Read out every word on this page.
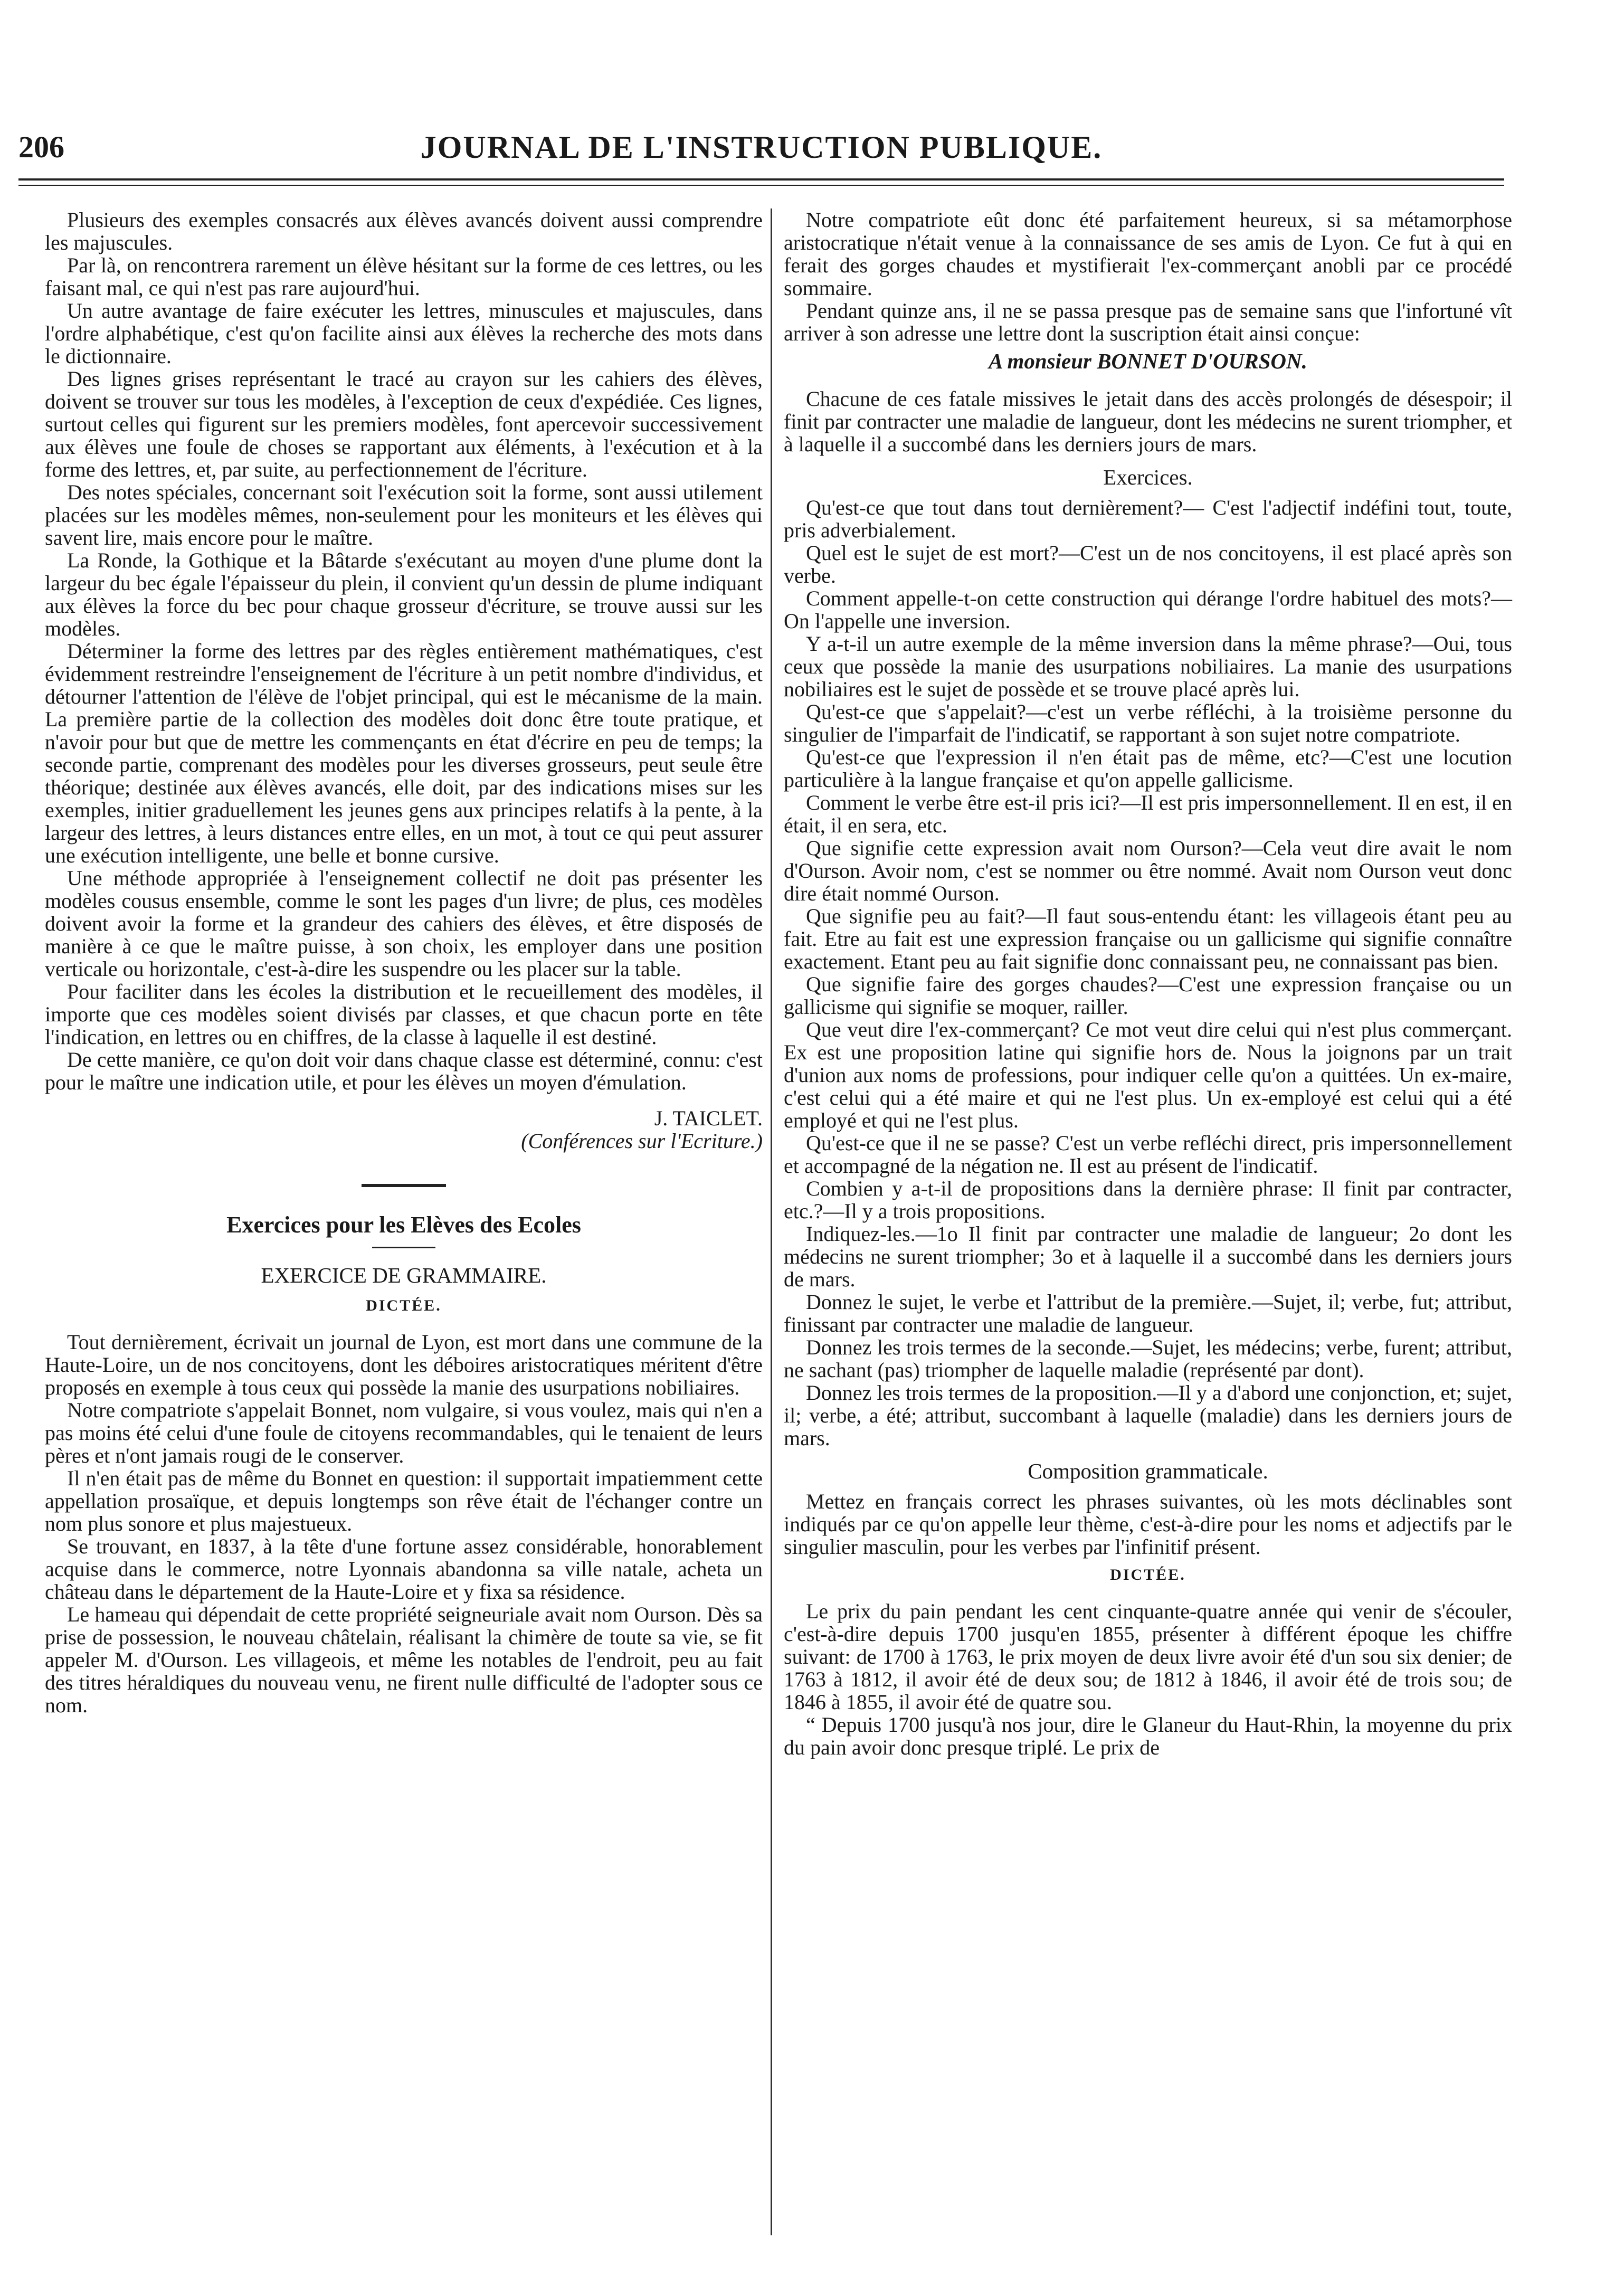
206	JOURNAL DE L'INSTRUCTION PUBLIQUE.

Plusieurs des exemples consacrés aux élèves avancés doivent aussi comprendre les majuscules.

Par là, on rencontrera rarement un élève hésitant sur la forme de ces lettres, ou les faisant mal, ce qui n'est pas rare aujourd'hui.

Un autre avantage de faire exécuter les lettres, minuscules et majuscules, dans l'ordre alphabétique, c'est qu'on facilite ainsi aux élèves la recherche des mots dans le dictionnaire.

Des lignes grises représentant le tracé au crayon sur les cahiers des élèves, doivent se trouver sur tous les modèles, à l'exception de ceux d'expédiée. Ces lignes, surtout celles qui figurent sur les premiers modèles, font apercevoir successivement aux élèves une foule de choses se rapportant aux éléments, à l'exécution et à la forme des lettres, et, par suite, au perfectionnement de l'écriture.

Des notes spéciales, concernant soit l'exécution soit la forme, sont aussi utilement placées sur les modèles mêmes, non-seulement pour les moniteurs et les élèves qui savent lire, mais encore pour le maître.

La Ronde, la Gothique et la Bâtarde s'exécutant au moyen d'une plume dont la largeur du bec égale l'épaisseur du plein, il convient qu'un dessin de plume indiquant aux élèves la force du bec pour chaque grosseur d'écriture, se trouve aussi sur les modèles.

Déterminer la forme des lettres par des règles entièrement mathématiques, c'est évidemment restreindre l'enseignement de l'écriture à un petit nombre d'individus, et détourner l'attention de l'élève de l'objet principal, qui est le mécanisme de la main. La première partie de la collection des modèles doit donc être toute pratique, et n'avoir pour but que de mettre les commençants en état d'écrire en peu de temps; la seconde partie, comprenant des modèles pour les diverses grosseurs, peut seule être théorique; destinée aux élèves avancés, elle doit, par des indications mises sur les exemples, initier graduellement les jeunes gens aux principes relatifs à la pente, à la largeur des lettres, à leurs distances entre elles, en un mot, à tout ce qui peut assurer une exécution intelligente, une belle et bonne cursive.

Une méthode appropriée à l'enseignement collectif ne doit pas présenter les modèles cousus ensemble, comme le sont les pages d'un livre; de plus, ces modèles doivent avoir la forme et la grandeur des cahiers des élèves, et être disposés de manière à ce que le maître puisse, à son choix, les employer dans une position verticale ou horizontale, c'est-à-dire les suspendre ou les placer sur la table.

Pour faciliter dans les écoles la distribution et le recueillement des modèles, il importe que ces modèles soient divisés par classes, et que chacun porte en tête l'indication, en lettres ou en chiffres, de la classe à laquelle il est destiné.

De cette manière, ce qu'on doit voir dans chaque classe est déterminé, connu: c'est pour le maître une indication utile, et pour les élèves un moyen d'émulation.

J. TAICLET.

(Conférences sur l'Ecriture.)

Exercices pour les Elèves des Ecoles

EXERCICE DE GRAMMAIRE.

DICTÉE.

Tout dernièrement, écrivait un journal de Lyon, est mort dans une commune de la Haute-Loire, un de nos concitoyens, dont les déboires aristocratiques méritent d'être proposés en exemple à tous ceux qui possède la manie des usurpations nobiliaires.

Notre compatriote s'appelait Bonnet, nom vulgaire, si vous voulez, mais qui n'en a pas moins été celui d'une foule de citoyens recommandables, qui le tenaient de leurs pères et n'ont jamais rougi de le conserver.

Il n'en était pas de même du Bonnet en question: il supportait impatiemment cette appellation prosaïque, et depuis longtemps son rêve était de l'échanger contre un nom plus sonore et plus majestueux.

Se trouvant, en 1837, à la tête d'une fortune assez considérable, honorablement acquise dans le commerce, notre Lyonnais abandonna sa ville natale, acheta un château dans le département de la Haute-Loire et y fixa sa résidence.

Le hameau qui dépendait de cette propriété seigneuriale avait nom Ourson. Dès sa prise de possession, le nouveau châtelain, réalisant la chimère de toute sa vie, se fit appeler M. d'Ourson. Les villageois, et même les notables de l'endroit, peu au fait des titres héraldiques du nouveau venu, ne firent nulle difficulté de l'adopter sous ce nom.

Notre compatriote eût donc été parfaitement heureux, si sa métamorphose aristocratique n'était venue à la connaissance de ses amis de Lyon. Ce fut à qui en ferait des gorges chaudes et mystifierait l'ex-commerçant anobli par ce procédé sommaire.

Pendant quinze ans, il ne se passa presque pas de semaine sans que l'infortuné vît arriver à son adresse une lettre dont la suscription était ainsi conçue:

A monsieur BONNET D'OURSON.

Chacune de ces fatale missives le jetait dans des accès prolongés de désespoir; il finit par contracter une maladie de langueur, dont les médecins ne surent triompher, et à laquelle il a succombé dans les derniers jours de mars.

Exercices.

Qu'est-ce que tout dans tout dernièrement?— C'est l'adjectif indéfini tout, toute, pris adverbialement.

Quel est le sujet de est mort?—C'est un de nos concitoyens, il est placé après son verbe.

Comment appelle-t-on cette construction qui dérange l'ordre habituel des mots?—On l'appelle une inversion.

Y a-t-il un autre exemple de la même inversion dans la même phrase?—Oui, tous ceux que possède la manie des usurpations nobiliaires. La manie des usurpations nobiliaires est le sujet de possède et se trouve placé après lui.

Qu'est-ce que s'appelait?—c'est un verbe réfléchi, à la troisième personne du singulier de l'imparfait de l'indicatif, se rapportant à son sujet notre compatriote.

Qu'est-ce que l'expression il n'en était pas de même, etc?—C'est une locution particulière à la langue française et qu'on appelle gallicisme.

Comment le verbe être est-il pris ici?—Il est pris impersonnellement. Il en est, il en était, il en sera, etc.

Que signifie cette expression avait nom Ourson?—Cela veut dire avait le nom d'Ourson. Avoir nom, c'est se nommer ou être nommé. Avait nom Ourson veut donc dire était nommé Ourson.

Que signifie peu au fait?—Il faut sous-entendu étant: les villageois étant peu au fait. Etre au fait est une expression française ou un gallicisme qui signifie connaître exactement. Etant peu au fait signifie donc connaissant peu, ne connaissant pas bien.

Que signifie faire des gorges chaudes?—C'est une expression française ou un gallicisme qui signifie se moquer, railler.

Que veut dire l'ex-commerçant? Ce mot veut dire celui qui n'est plus commerçant. Ex est une proposition latine qui signifie hors de. Nous la joignons par un trait d'union aux noms de professions, pour indiquer celle qu'on a quittées. Un ex-maire, c'est celui qui a été maire et qui ne l'est plus. Un ex-employé est celui qui a été employé et qui ne l'est plus.

Qu'est-ce que il ne se passe? C'est un verbe refléchi direct, pris impersonnellement et accompagné de la négation ne. Il est au présent de l'indicatif.

Combien y a-t-il de propositions dans la dernière phrase: Il finit par contracter, etc.?—Il y a trois propositions.

Indiquez-les.—1o Il finit par contracter une maladie de langueur; 2o dont les médecins ne surent triompher; 3o et à laquelle il a succombé dans les derniers jours de mars.

Donnez le sujet, le verbe et l'attribut de la première.—Sujet, il; verbe, fut; attribut, finissant par contracter une maladie de langueur.

Donnez les trois termes de la seconde.—Sujet, les médecins; verbe, furent; attribut, ne sachant (pas) triompher de laquelle maladie (représenté par dont).

Donnez les trois termes de la proposition.—Il y a d'abord une conjonction, et; sujet, il; verbe, a été; attribut, succombant à laquelle (maladie) dans les derniers jours de mars.

Composition grammaticale.

Mettez en français correct les phrases suivantes, où les mots déclinables sont indiqués par ce qu'on appelle leur thème, c'est-à-dire pour les noms et adjectifs par le singulier masculin, pour les verbes par l'infinitif présent.

DICTÉE.

Le prix du pain pendant les cent cinquante-quatre année qui venir de s'écouler, c'est-à-dire depuis 1700 jusqu'en 1855, présenter à différent époque les chiffre suivant: de 1700 à 1763, le prix moyen de deux livre avoir été d'un sou six denier; de 1763 à 1812, il avoir été de deux sou; de 1812 à 1846, il avoir été de trois sou; de 1846 à 1855, il avoir été de quatre sou.

“ Depuis 1700 jusqu'à nos jour, dire le Glaneur du Haut-Rhin, la moyenne du prix du pain avoir donc presque triplé. Le prix de
